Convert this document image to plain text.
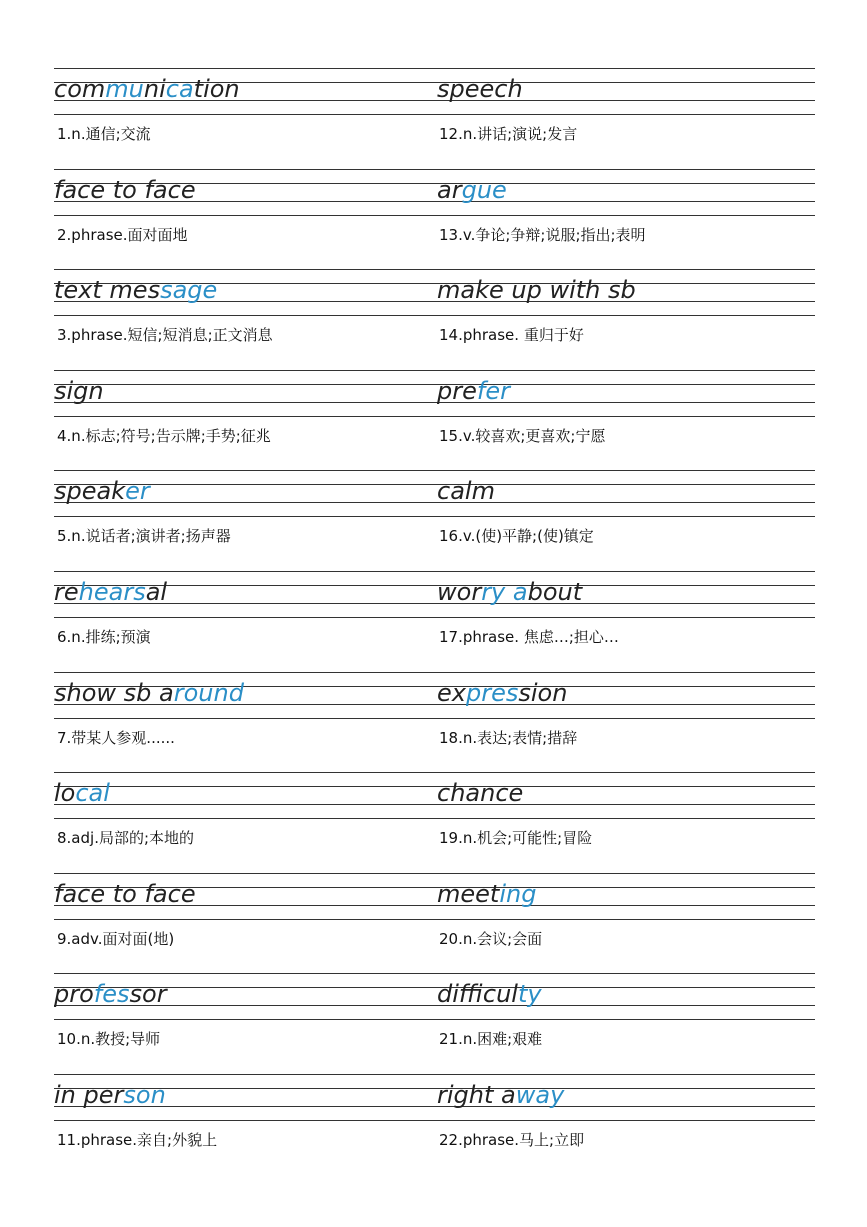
communication
1.n.通信;交流
face to face
2.phrase.面对面地
text message
3.phrase.短信;短消息;正文消息
sign
4.n.标志;符号;告示牌;手势;征兆
speaker
5.n.说话者;演讲者;扬声器
rehearsal
6.n.排练;预演
show sb around
7.带某人参观......
local
8.adj.局部的;本地的
face to face
9.adv.面对面(地)
professor
10.n.教授;导师
in person
11.phrase.亲自;外貌上
speech
12.n.讲话;演说;发言
argue
13.v.争论;争辩;说服;指出;表明
make up with sb
14.phrase. 重归于好
prefer
15.v.较喜欢;更喜欢;宁愿
calm
16.v.(使)平静;(使)镇定
worry about
17.phrase. 焦虑…;担心…
expression
18.n.表达;表情;措辞
chance
19.n.机会;可能性;冒险
meeting
20.n.会议;会面
difculty
21.n.困难;艰难
right away
22.phrase.马上;立即
